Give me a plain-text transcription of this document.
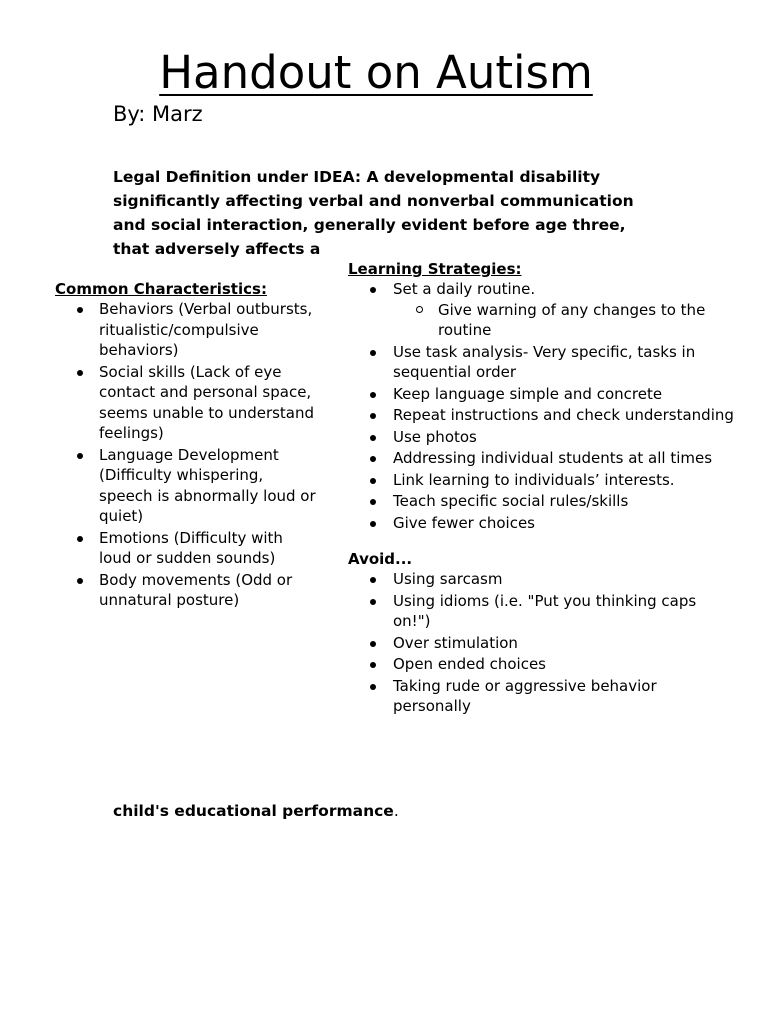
Handout on Autism

By: Marz

Legal Definition under IDEA: A developmental disability significantly affecting verbal and nonverbal communication and social interaction, generally evident before age three, that adversely affects a

Common Characteristics:

Behaviors (Verbal outbursts, ritualistic/compulsive behaviors)
Social skills (Lack of eye contact and personal space, seems unable to understand feelings)
Language Development (Difficulty whispering, speech is abnormally loud or quiet)
Emotions (Difficulty with loud or sudden sounds)
Body movements (Odd or unnatural posture)

Learning Strategies:

Set a daily routine.
Give warning of any changes to the routine
Use task analysis- Very specific, tasks in sequential order
Keep language simple and concrete
Repeat instructions and check understanding
Use photos
Addressing individual students at all times
Link learning to individuals’ interests.
Teach specific social rules/skills
Give fewer choices

Avoid...

Using sarcasm
Using idioms (i.e. "Put you thinking caps on!")
Over stimulation
Open ended choices
Taking rude or aggressive behavior personally

child's educational performance.
